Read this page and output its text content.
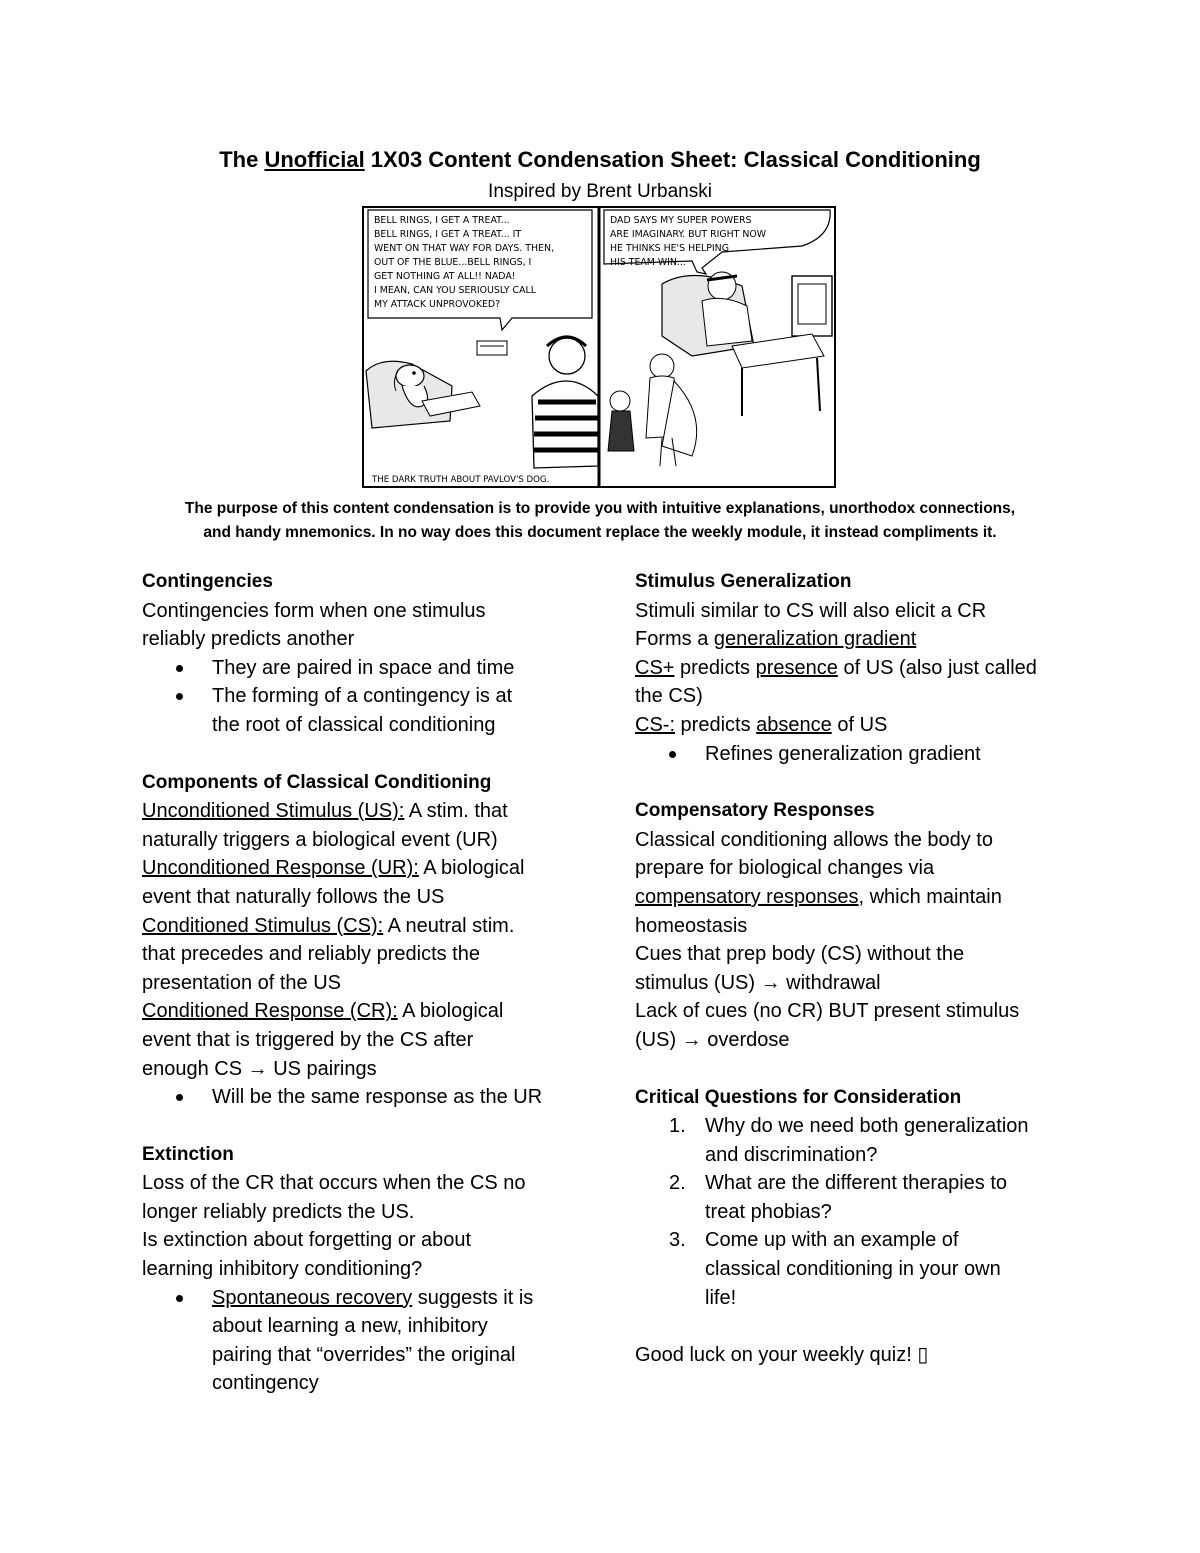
The Unofficial 1X03 Content Condensation Sheet: Classical Conditioning
Inspired by Brent Urbanski
BELL RINGS, I GET A TREAT... BELL RINGS, I GET A TREAT... IT WENT ON THAT WAY FOR DAYS. THEN, OUT OF THE BLUE...BELL RINGS, I GET NOTHING AT ALL!! NADA! I MEAN, CAN YOU SERIOUSLY CALL MY ATTACK UNPROVOKED?
THE DARK TRUTH ABOUT PAVLOV'S DOG.
DAD SAYS MY SUPER POWERS ARE IMAGINARY. BUT RIGHT NOW HE THINKS HE'S HELPING HIS TEAM WIN...
The purpose of this content condensation is to provide you with intuitive explanations, unorthodox connections,
and handy mnemonics. In no way does this document replace the weekly module, it instead compliments it.

Contingencies

Contingencies form when one stimulus

reliably predicts another

They are paired in space and time
The forming of a contingency is at
the root of classical conditioning

Components of Classical Conditioning

Unconditioned Stimulus (US): A stim. that

naturally triggers a biological event (UR)

Unconditioned Response (UR): A biological

event that naturally follows the US

Conditioned Stimulus (CS): A neutral stim.

that precedes and reliably predicts the

presentation of the US

Conditioned Response (CR): A biological

event that is triggered by the CS after

enough CS → US pairings

Will be the same response as the UR

Extinction

Loss of the CR that occurs when the CS no

longer reliably predicts the US.

Is extinction about forgetting or about

learning inhibitory conditioning?

Spontaneous recovery suggests it is
about learning a new, inhibitory
pairing that “overrides” the original
contingency

Stimulus Generalization

Stimuli similar to CS will also elicit a CR

Forms a generalization gradient

CS+ predicts presence of US (also just called

the CS)

CS-: predicts absence of US

Refines generalization gradient

Compensatory Responses

Classical conditioning allows the body to

prepare for biological changes via

compensatory responses, which maintain

homeostasis

Cues that prep body (CS) without the

stimulus (US) → withdrawal

Lack of cues (no CR) BUT present stimulus

(US) → overdose

Critical Questions for Consideration

1. Why do we need both generalization
and discrimination?
2. What are the different therapies to
treat phobias?
3. Come up with an example of
classical conditioning in your own
life!

Good luck on your weekly quiz! ▯
